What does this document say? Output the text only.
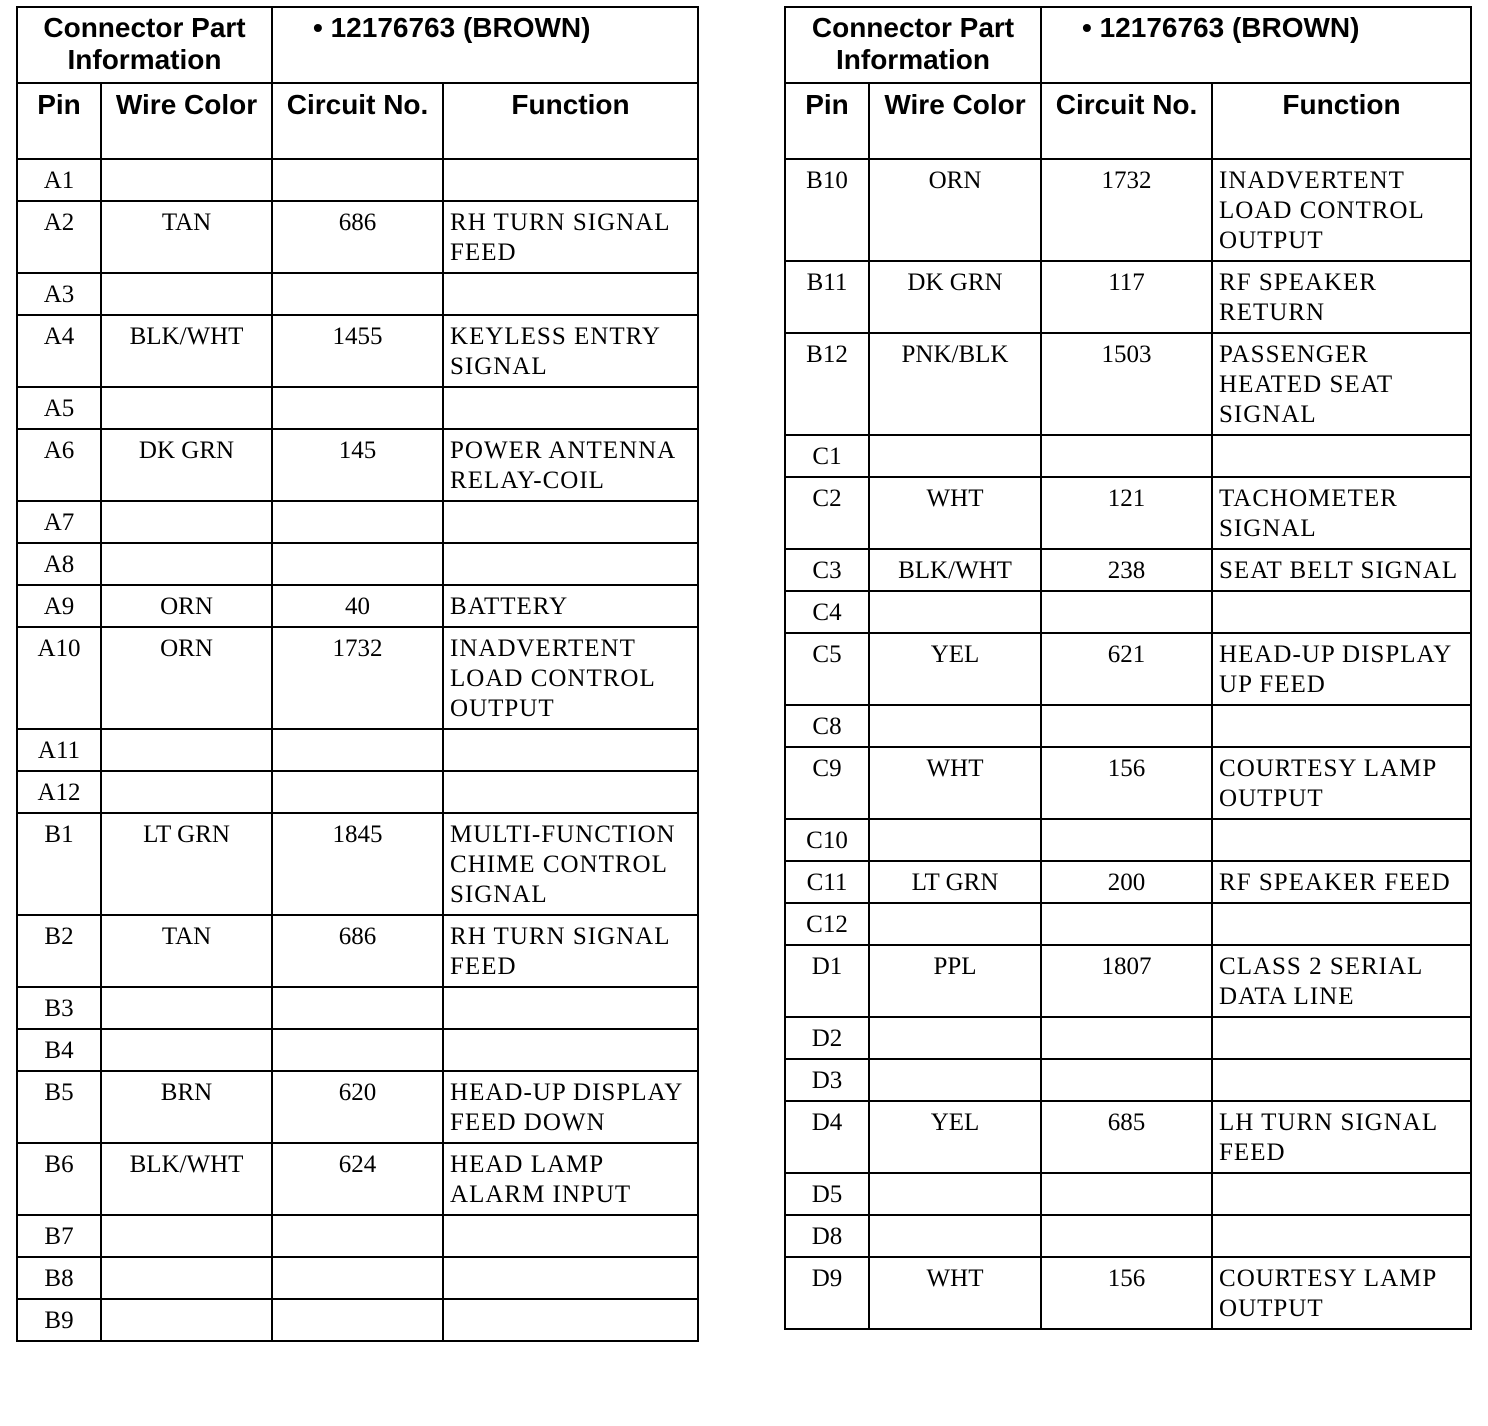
Connector Part Information		• 12176763 (BROWN)	
Pin	Wire Color	Circuit No.	Function
A1			
A2	TAN	686	RH TURN SIGNAL FEED
A3			
A4	BLK/WHT	1455	KEYLESS ENTRY SIGNAL
A5			
A6	DK GRN	145	POWER ANTENNA RELAY-COIL
A7			
A8			
A9	ORN	40	BATTERY
A10	ORN	1732	INADVERTENT LOAD CONTROL OUTPUT
A11			
A12			
B1	LT GRN	1845	MULTI-FUNCTION CHIME CONTROL SIGNAL
B2	TAN	686	RH TURN SIGNAL FEED
B3			
B4			
B5	BRN	620	HEAD-UP DISPLAY FEED DOWN
B6	BLK/WHT	624	HEAD LAMP ALARM INPUT
B7			
B8			
B9			
Connector Part Information		• 12176763 (BROWN)	
Pin	Wire Color	Circuit No.	Function
B10	ORN	1732	INADVERTENT LOAD CONTROL OUTPUT
B11	DK GRN	117	RF SPEAKER RETURN
B12	PNK/BLK	1503	PASSENGER HEATED SEAT SIGNAL
C1			
C2	WHT	121	TACHOMETER SIGNAL
C3	BLK/WHT	238	SEAT BELT SIGNAL
C4			
C5	YEL	621	HEAD-UP DISPLAY UP FEED
C8			
C9	WHT	156	COURTESY LAMP OUTPUT
C10			
C11	LT GRN	200	RF SPEAKER FEED
C12			
D1	PPL	1807	CLASS 2 SERIAL DATA LINE
D2			
D3			
D4	YEL	685	LH TURN SIGNAL FEED
D5			
D8			
D9	WHT	156	COURTESY LAMP OUTPUT
